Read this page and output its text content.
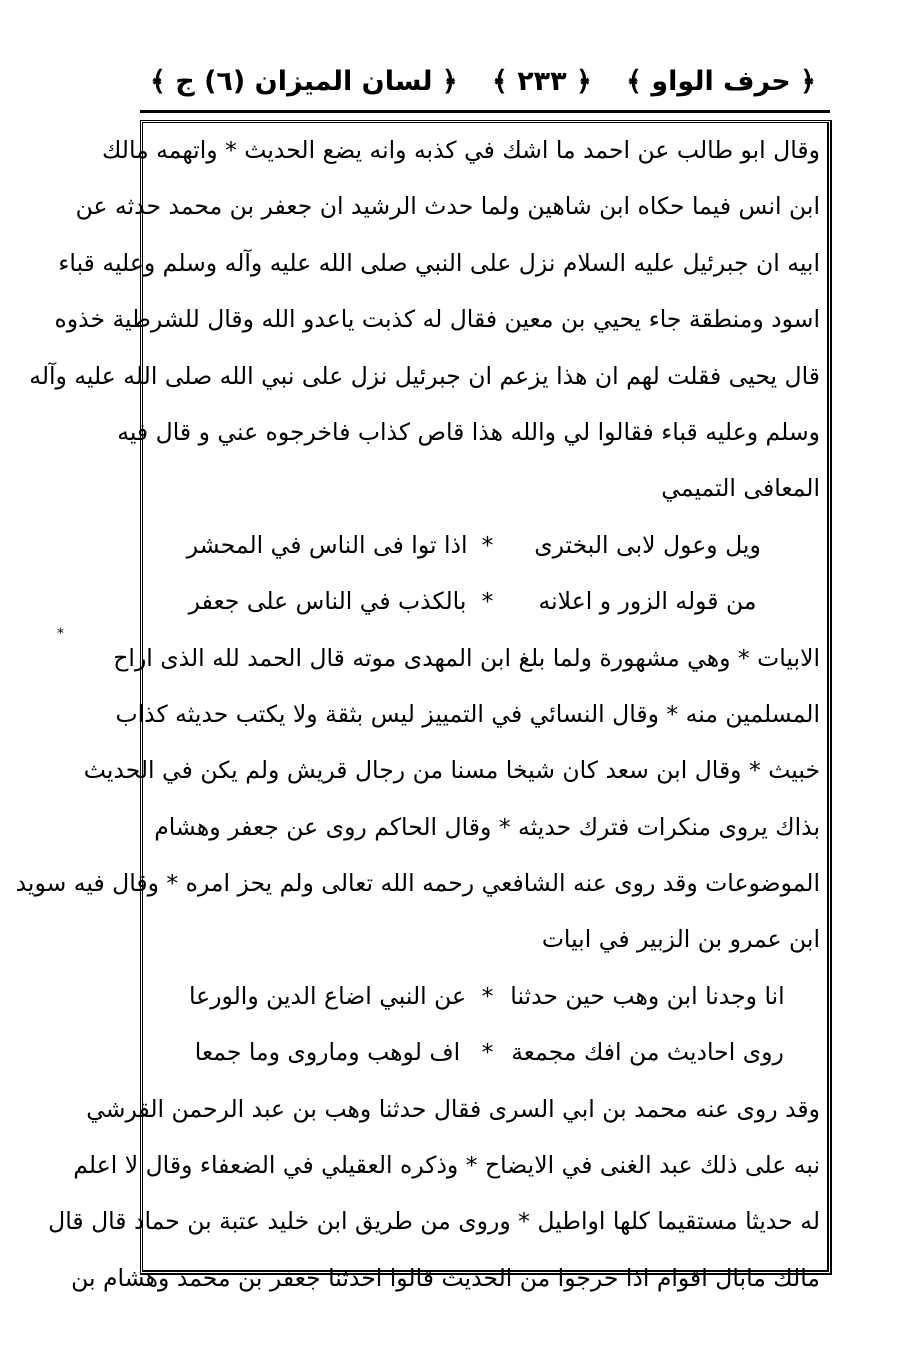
﴿ حرف الواو ﴾
﴿ ٢٣٣ ﴾
﴿ لسان الميزان (٦) ج ﴾
*
وقال ابو طالب عن احمد ما اشك في كذبه وانه يضع الحديث * واتهمه مالك
ابن انس فيما حكاه ابن شاهين ولما حدث الرشيد ان جعفر بن محمد حدثه عن
ابيه ان جبرئيل عليه السلام نزل على النبي صلى الله عليه وآله وسلم وعليه قباء
اسود ومنطقة جاء يحيي بن معين فقال له كذبت ياعدو الله وقال للشرطية خذوه
قال يحيى فقلت لهم ان هذا يزعم ان جبرئيل نزل على نبي الله صلى الله عليه وآله
وسلم وعليه قباء فقالوا لي والله هذا قاص كذاب فاخرجوه عني و قال فيه
المعافى التميمي
ويل وعول لابى البخترى
*
اذا توا فى الناس في المحشر
من قوله الزور و اعلانه
*
بالكذب في الناس على جعفر
الابيات * وهي مشهورة ولما بلغ ابن المهدى موته قال الحمد لله الذى اراح
المسلمين منه * وقال النسائي في التمييز ليس بثقة ولا يكتب حديثه كذاب
خبيث * وقال ابن سعد كان شيخا مسنا من رجال قريش ولم يكن في الحديث
بذاك يروى منكرات فترك حديثه * وقال الحاكم روى عن جعفر وهشام
الموضوعات وقد روى عنه الشافعي رحمه الله تعالى ولم يحز امره * وقال فيه سويد
ابن عمرو بن الزبير في ابيات
انا وجدنا ابن وهب حين حدثنا
*
عن النبي اضاع الدين والورعا
روى احاديث من افك مجمعة
*
اف لوهب وماروى وما جمعا
وقد روى عنه محمد بن ابي السرى فقال حدثنا وهب بن عبد الرحمن القرشي
نبه على ذلك عبد الغنى في الايضاح * وذكره العقيلي في الضعفاء وقال لا اعلم
له حديثا مستقيما كلها اواطيل * وروى من طريق ابن خليد عتبة بن حماد قال قال
مالك مابال اقوام اذا خرجوا من الحديث قالوا احدثنا جعفر بن محمد وهشام بن
